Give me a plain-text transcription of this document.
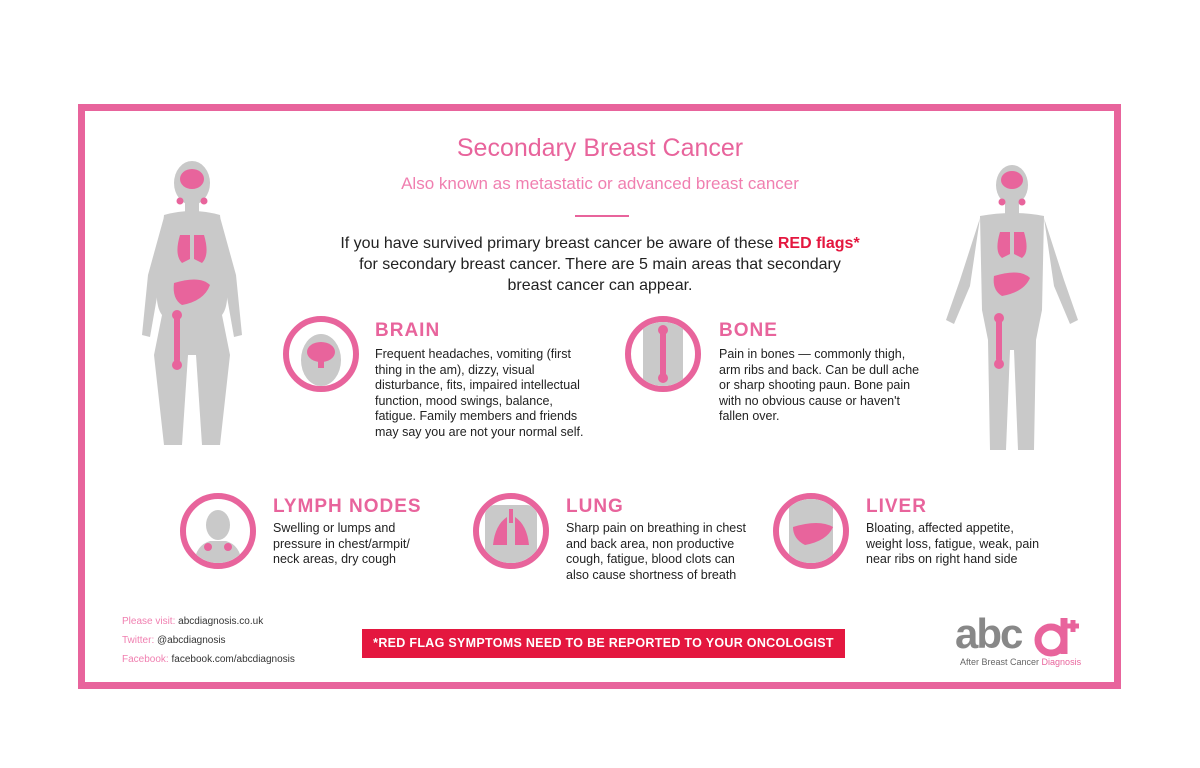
Secondary Breast Cancer
Also known as metastatic or advanced breast cancer
If you have survived primary breast cancer be aware of these RED flags*
for secondary breast cancer. There are 5 main areas that secondary
breast cancer can appear.
BRAIN
Frequent headaches, vomiting (first thing in the am), dizzy, visual disturbance, fits, impaired intellectual function, mood swings, balance, fatigue. Family members and friends may say you are not your normal self.
BONE
Pain in bones — commonly thigh, arm ribs and back. Can be dull ache or sharp shooting paun. Bone pain with no obvious cause or haven't fallen over.
LYMPH NODES
Swelling or lumps and pressure in chest/armpit/ neck areas, dry cough
LUNG
Sharp pain on breathing in chest and back area, non productive cough, fatigue, blood clots can also cause shortness of breath
LIVER
Bloating, affected appetite, weight loss, fatigue, weak, pain near ribs on right hand side
Please visit: abcdiagnosis.co.uk
Twitter: @abcdiagnosis
Facebook: facebook.com/abcdiagnosis
*RED FLAG SYMPTOMS NEED TO BE REPORTED TO YOUR ONCOLOGIST	abc
After Breast Cancer Diagnosis
